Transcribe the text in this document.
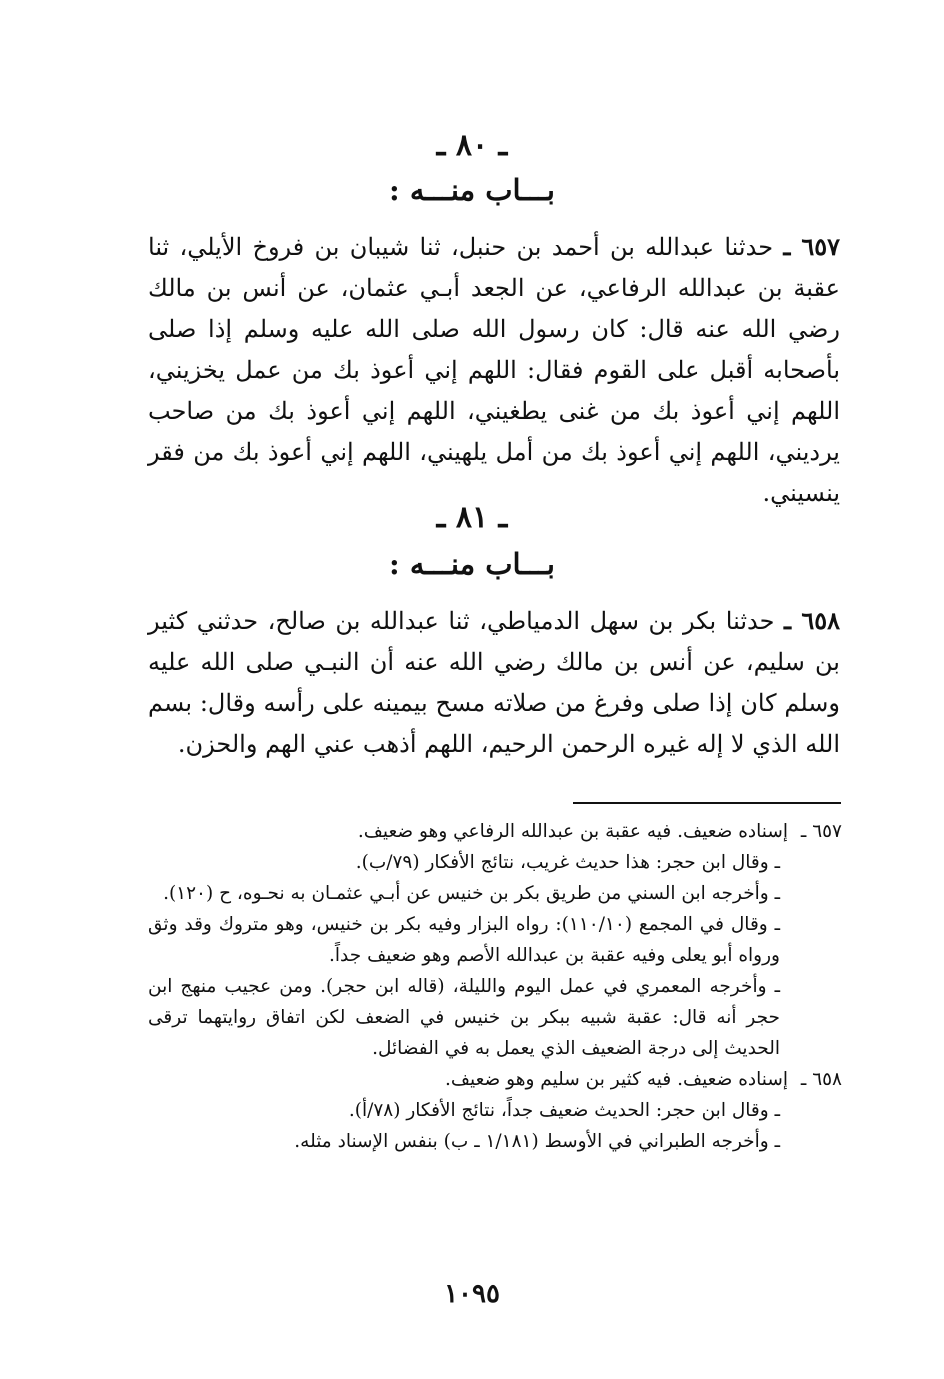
ـ ٨٠ ـ
بـــاب منـــه :
٦٥٧ ـ حدثنا عبدالله بن أحمد بن حنبل، ثنا شيبان بن فروخ الأيلي، ثنا عقبة بن عبدالله الرفاعي، عن الجعد أبـي عثمان، عن أنس بن مالك رضي الله عنه قال: كان رسول الله صلى الله عليه وسلم إذا صلى بأصحابه أقبل على القوم فقال: اللهم إني أعوذ بك من عمل يخزيني، اللهم إني أعوذ بك من غنى يطغيني، اللهم إني أعوذ بك من صاحب يرديني، اللهم إني أعوذ بك من أمل يلهيني، اللهم إني أعوذ بك من فقر ينسيني.
ـ ٨١ ـ
بـــاب منـــه :
٦٥٨ ـ حدثنا بكر بن سهل الدمياطي، ثنا عبدالله بن صالح، حدثني كثير بن سليم، عن أنس بن مالك رضي الله عنه أن النبـي صلى الله عليه وسلم كان إذا صلى وفرغ من صلاته مسح بيمينه على رأسه وقال: بسم الله الذي لا إله غيره الرحمن الرحيم، اللهم أذهب عني الهم والحزن.
٦٥٧ ـإسناده ضعيف. فيه عقبة بن عبدالله الرفاعي وهو ضعيف.
ـ وقال ابن حجر: هذا حديث غريب، نتائج الأفكار (٧٩/ب).
ـ وأخرجه ابن السني من طريق بكر بن خنيس عن أبـي عثمـان به نحـوه، ح (١٢٠).
ـ وقال في المجمع (١١٠/١٠): رواه البزار وفيه بكر بن خنيس، وهو متروك وقد وثق ورواه أبو يعلى وفيه عقبة بن عبدالله الأصم وهو ضعيف جداً.
ـ وأخرجه المعمري في عمل اليوم والليلة، (قاله ابن حجر). ومن عجيب منهج ابن حجر أنه قال: عقبة شبيه ببكر بن خنيس في الضعف لكن اتفاق روايتهما ترقى الحديث إلى درجة الضعيف الذي يعمل به في الفضائل.
٦٥٨ ـإسناده ضعيف. فيه كثير بن سليم وهو ضعيف.
ـ وقال ابن حجر: الحديث ضعيف جداً، نتائج الأفكار (٧٨/أ).
ـ وأخرجه الطبراني في الأوسط (١/١٨١ ـ ب) بنفس الإسناد مثله.
١٠٩٥
